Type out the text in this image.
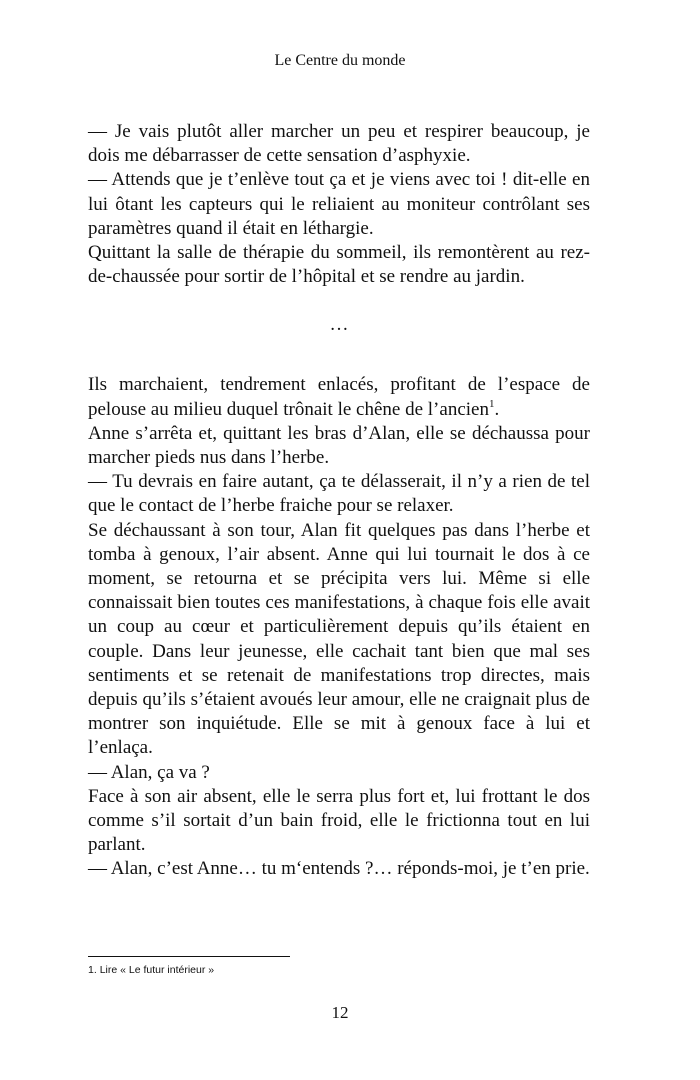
Le Centre du monde

— Je vais plutôt aller marcher un peu et respirer beaucoup, je dois me débarrasser de cette sensation d’asphyxie.

— Attends que je t’enlève tout ça et je viens avec toi ! dit-elle en lui ôtant les capteurs qui le reliaient au moniteur contrôlant ses paramètres quand il était en léthargie.

Quittant la salle de thérapie du sommeil, ils remontèrent au rez-de-chaussée pour sortir de l’hôpital et se rendre au jardin.

…

Ils marchaient, tendrement enlacés, profitant de l’espace de pelouse au milieu duquel trônait le chêne de l’ancien$^1$.

Anne s’arrêta et, quittant les bras d’Alan, elle se déchaussa pour marcher pieds nus dans l’herbe.

— Tu devrais en faire autant, ça te délasserait, il n’y a rien de tel que le contact de l’herbe fraiche pour se relaxer.

Se déchaussant à son tour, Alan fit quelques pas dans l’herbe et tomba à genoux, l’air absent. Anne qui lui tournait le dos à ce moment, se retourna et se précipita vers lui. Même si elle connaissait bien toutes ces manifestations, à chaque fois elle avait un coup au cœur et particulièrement depuis qu’ils étaient en couple. Dans leur jeunesse, elle cachait tant bien que mal ses sentiments et se retenait de manifestations trop directes, mais depuis qu’ils s’étaient avoués leur amour, elle ne craignait plus de montrer son inquiétude. Elle se mit à genoux face à lui et l’enlaça.

— Alan, ça va ?

Face à son air absent, elle le serra plus fort et, lui frottant le dos comme s’il sortait d’un bain froid, elle le frictionna tout en lui parlant.

— Alan, c’est Anne… tu m‘entends ?… réponds-moi, je t’en prie.

1. Lire « Le futur intérieur »
12
